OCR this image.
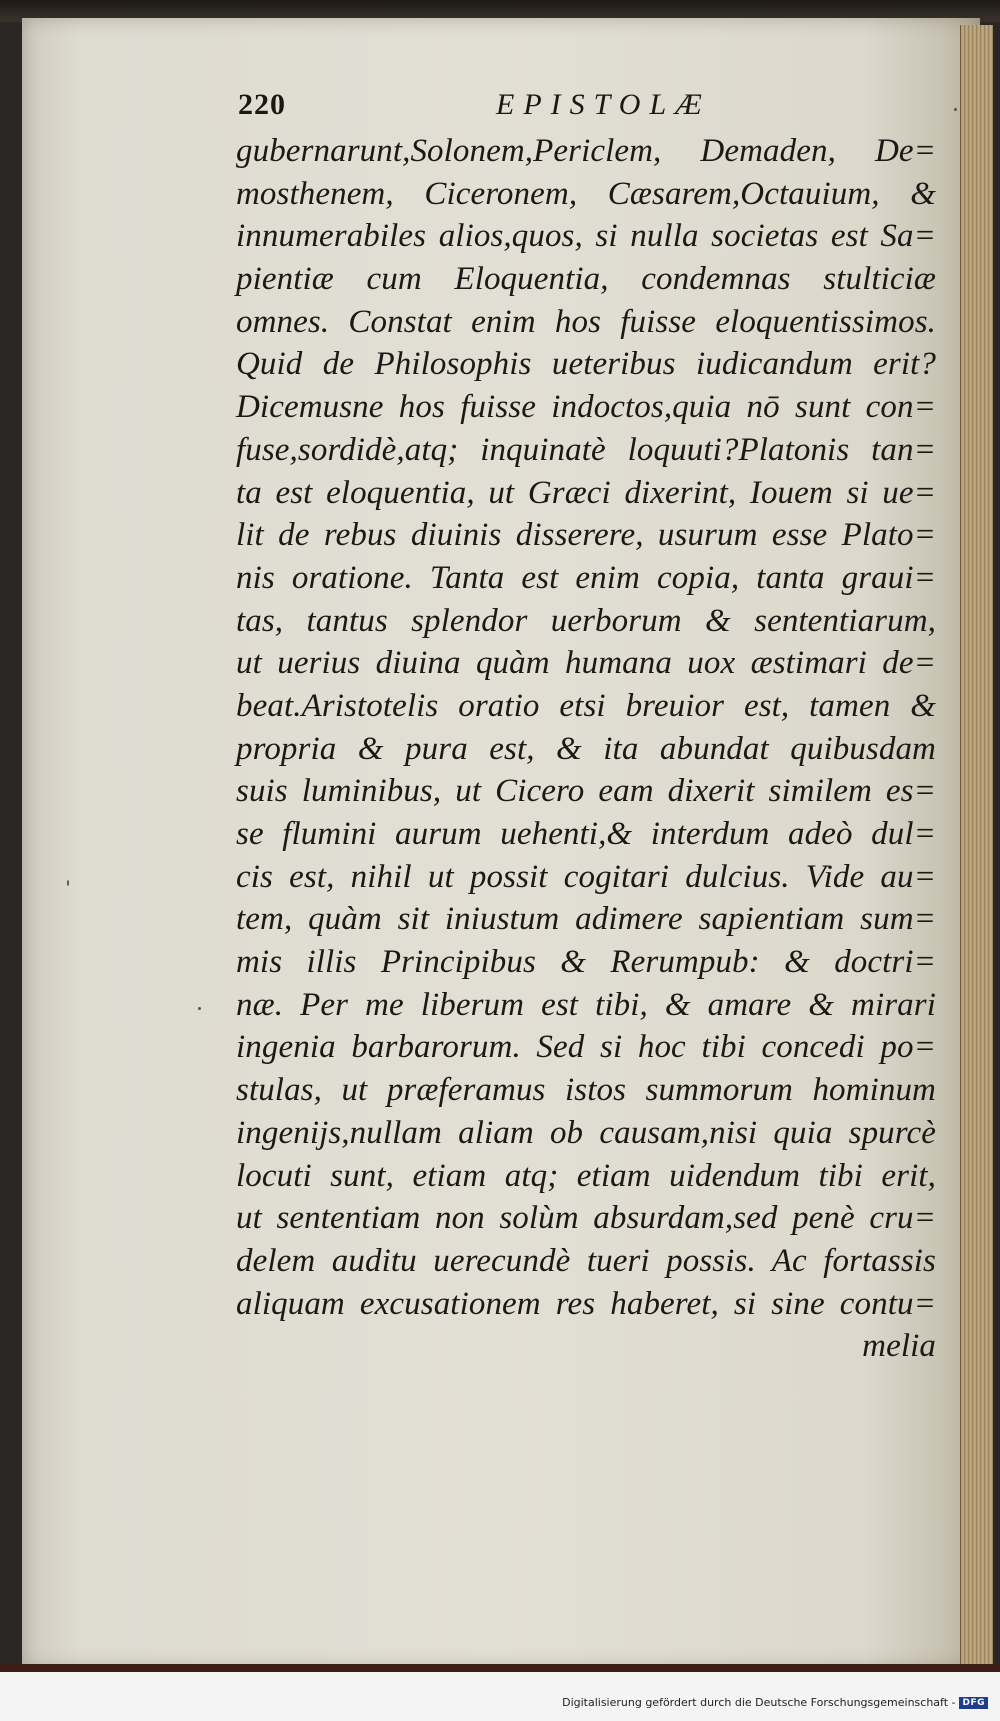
220	EPISTOLÆ
gubernarunt,Solonem,Periclem, Demaden, De=
mosthenem, Ciceronem, Cæsarem,Octauium, &
innumerabiles alios,quos, si nulla societas est Sa=
pientiæ cum Eloquentia, condemnas stulticiæ
omnes. Constat enim hos fuisse eloquentissimos.
Quid de Philosophis ueteribus iudicandum erit?
Dicemusne hos fuisse indoctos,quia nō sunt con=
fuse,sordidè,atq; inquinatè loquuti?Platonis tan=
ta est eloquentia, ut Græci dixerint, Iouem si ue=
lit de rebus diuinis disserere, usurum esse Plato=
nis oratione. Tanta est enim copia, tanta graui=
tas, tantus splendor uerborum & sententiarum,
ut uerius diuina quàm humana uox æstimari de=
beat.Aristotelis oratio etsi breuior est, tamen &
propria & pura est, & ita abundat quibusdam
suis luminibus, ut Cicero eam dixerit similem es=
se flumini aurum uehenti,& interdum adeò dul=
cis est, nihil ut possit cogitari dulcius. Vide au=
tem, quàm sit iniustum adimere sapientiam sum=
mis illis Principibus & Rerumpub: & doctri=
næ. Per me liberum est tibi, & amare & mirari
ingenia barbarorum. Sed si hoc tibi concedi po=
stulas, ut præferamus istos summorum hominum
ingenijs,nullam aliam ob causam,nisi quia spurcè
locuti sunt, etiam atq; etiam uidendum tibi erit,
ut sententiam non solùm absurdam,sed penè cru=
delem auditu uerecundè tueri possis. Ac fortassis
aliquam excusationem res haberet, si sine contu=
melia
Digitalisierung gefördert durch die Deutsche Forschungsgemeinschaft - DFG
